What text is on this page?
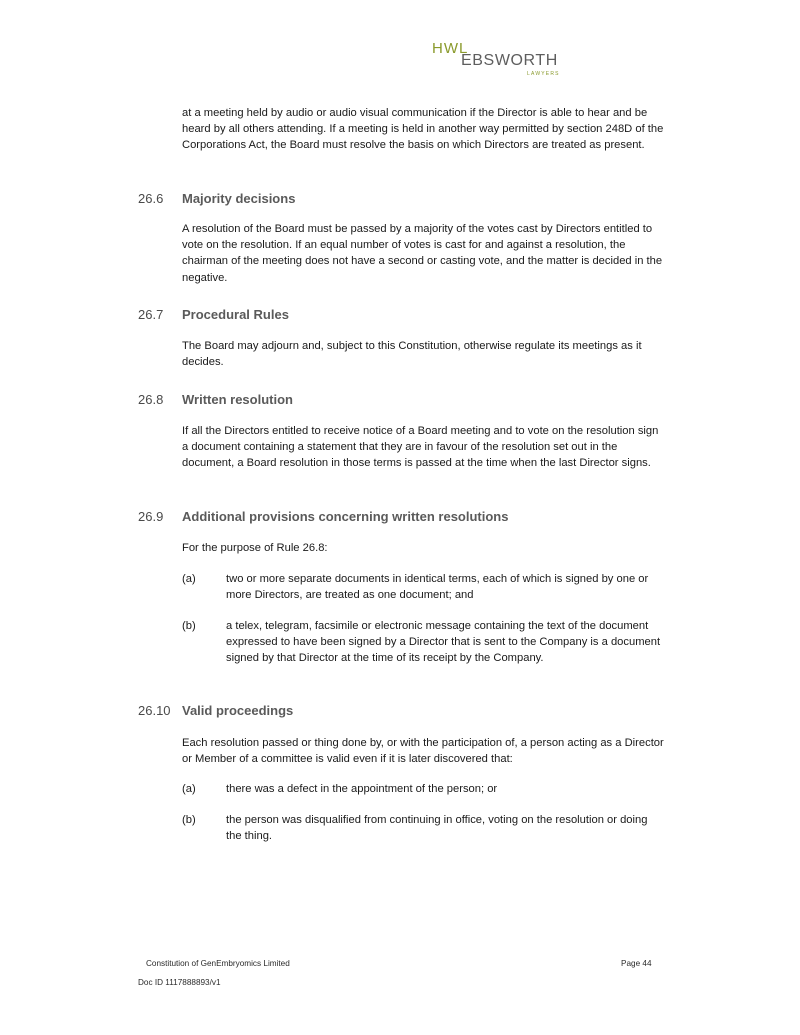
HWL
EBSWORTH
LAWYERS

at a meeting held by audio or audio visual communication if the Director is able to hear and be heard by all others attending. If a meeting is held in another way permitted by section 248D of the Corporations Act, the Board must resolve the basis on which Directors are treated as present.

26.6 Majority decisions

A resolution of the Board must be passed by a majority of the votes cast by Directors entitled to vote on the resolution. If an equal number of votes is cast for and against a resolution, the chairman of the meeting does not have a second or casting vote, and the matter is decided in the negative.

26.7 Procedural Rules

The Board may adjourn and, subject to this Constitution, otherwise regulate its meetings as it decides.

26.8 Written resolution

If all the Directors entitled to receive notice of a Board meeting and to vote on the resolution sign a document containing a statement that they are in favour of the resolution set out in the document, a Board resolution in those terms is passed at the time when the last Director signs.

26.9 Additional provisions concerning written resolutions

For the purpose of Rule 26.8:

(a)	two or more separate documents in identical terms, each of which is signed by one or more Directors, are treated as one document; and
(b)	a telex, telegram, facsimile or electronic message containing the text of the document expressed to have been signed by a Director that is sent to the Company is a document signed by that Director at the time of its receipt by the Company.
26.10 Valid proceedings

Each resolution passed or thing done by, or with the participation of, a person acting as a Director or Member of a committee is valid even if it is later discovered that:

(a)	there was a defect in the appointment of the person; or
(b)	the person was disqualified from continuing in office, voting on the resolution or doing the thing.
Constitution of GenEmbryomics Limited	Page 44
Doc ID 1117888893/v1
